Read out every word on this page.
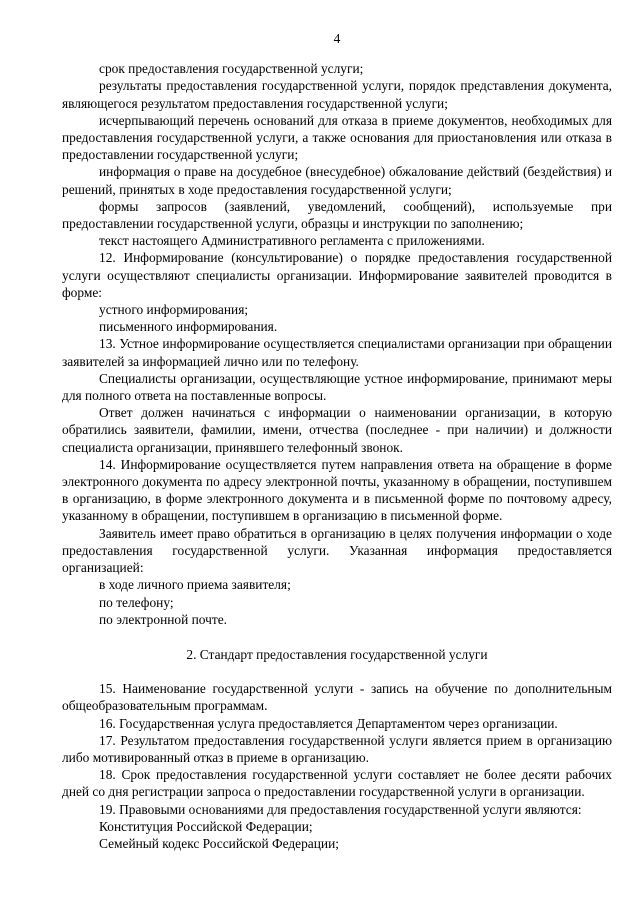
4

срок предоставления государственной услуги;

результаты предоставления государственной услуги, порядок представления документа, являющегося результатом предоставления государственной услуги;

исчерпывающий перечень оснований для отказа в приеме документов, необходимых для предоставления государственной услуги, а также основания для приостановления или отказа в предоставлении государственной услуги;

информация о праве на досудебное (внесудебное) обжалование действий (бездействия) и решений, принятых в ходе предоставления государственной услуги;

формы запросов (заявлений, уведомлений, сообщений), используемые при предоставлении государственной услуги, образцы и инструкции по заполнению;

текст настоящего Административного регламента с приложениями.

12. Информирование (консультирование) о порядке предоставления государственной услуги осуществляют специалисты организации. Информирование заявителей проводится в форме:

устного информирования;

письменного информирования.

13. Устное информирование осуществляется специалистами организации при обращении заявителей за информацией лично или по телефону.

Специалисты организации, осуществляющие устное информирование, принимают меры для полного ответа на поставленные вопросы.

Ответ должен начинаться с информации о наименовании организации, в которую обратились заявители, фамилии, имени, отчества (последнее - при наличии) и должности специалиста организации, принявшего телефонный звонок.

14. Информирование осуществляется путем направления ответа на обращение в форме электронного документа по адресу электронной почты, указанному в обращении, поступившем в организацию, в форме электронного документа и в письменной форме по почтовому адресу, указанному в обращении, поступившем в организацию в письменной форме.

Заявитель имеет право обратиться в организацию в целях получения информации о ходе предоставления государственной услуги. Указанная информация предоставляется организацией:

в ходе личного приема заявителя;

по телефону;

по электронной почте.

2. Стандарт предоставления государственной услуги

15. Наименование государственной услуги - запись на обучение по дополнительным общеобразовательным программам.

16. Государственная услуга предоставляется Департаментом через организации.

17. Результатом предоставления государственной услуги является прием в организацию либо мотивированный отказ в приеме в организацию.

18. Срок предоставления государственной услуги составляет не более десяти рабочих дней со дня регистрации запроса о предоставлении государственной услуги в организации.

19. Правовыми основаниями для предоставления государственной услуги являются:

Конституция Российской Федерации;

Семейный кодекс Российской Федерации;
